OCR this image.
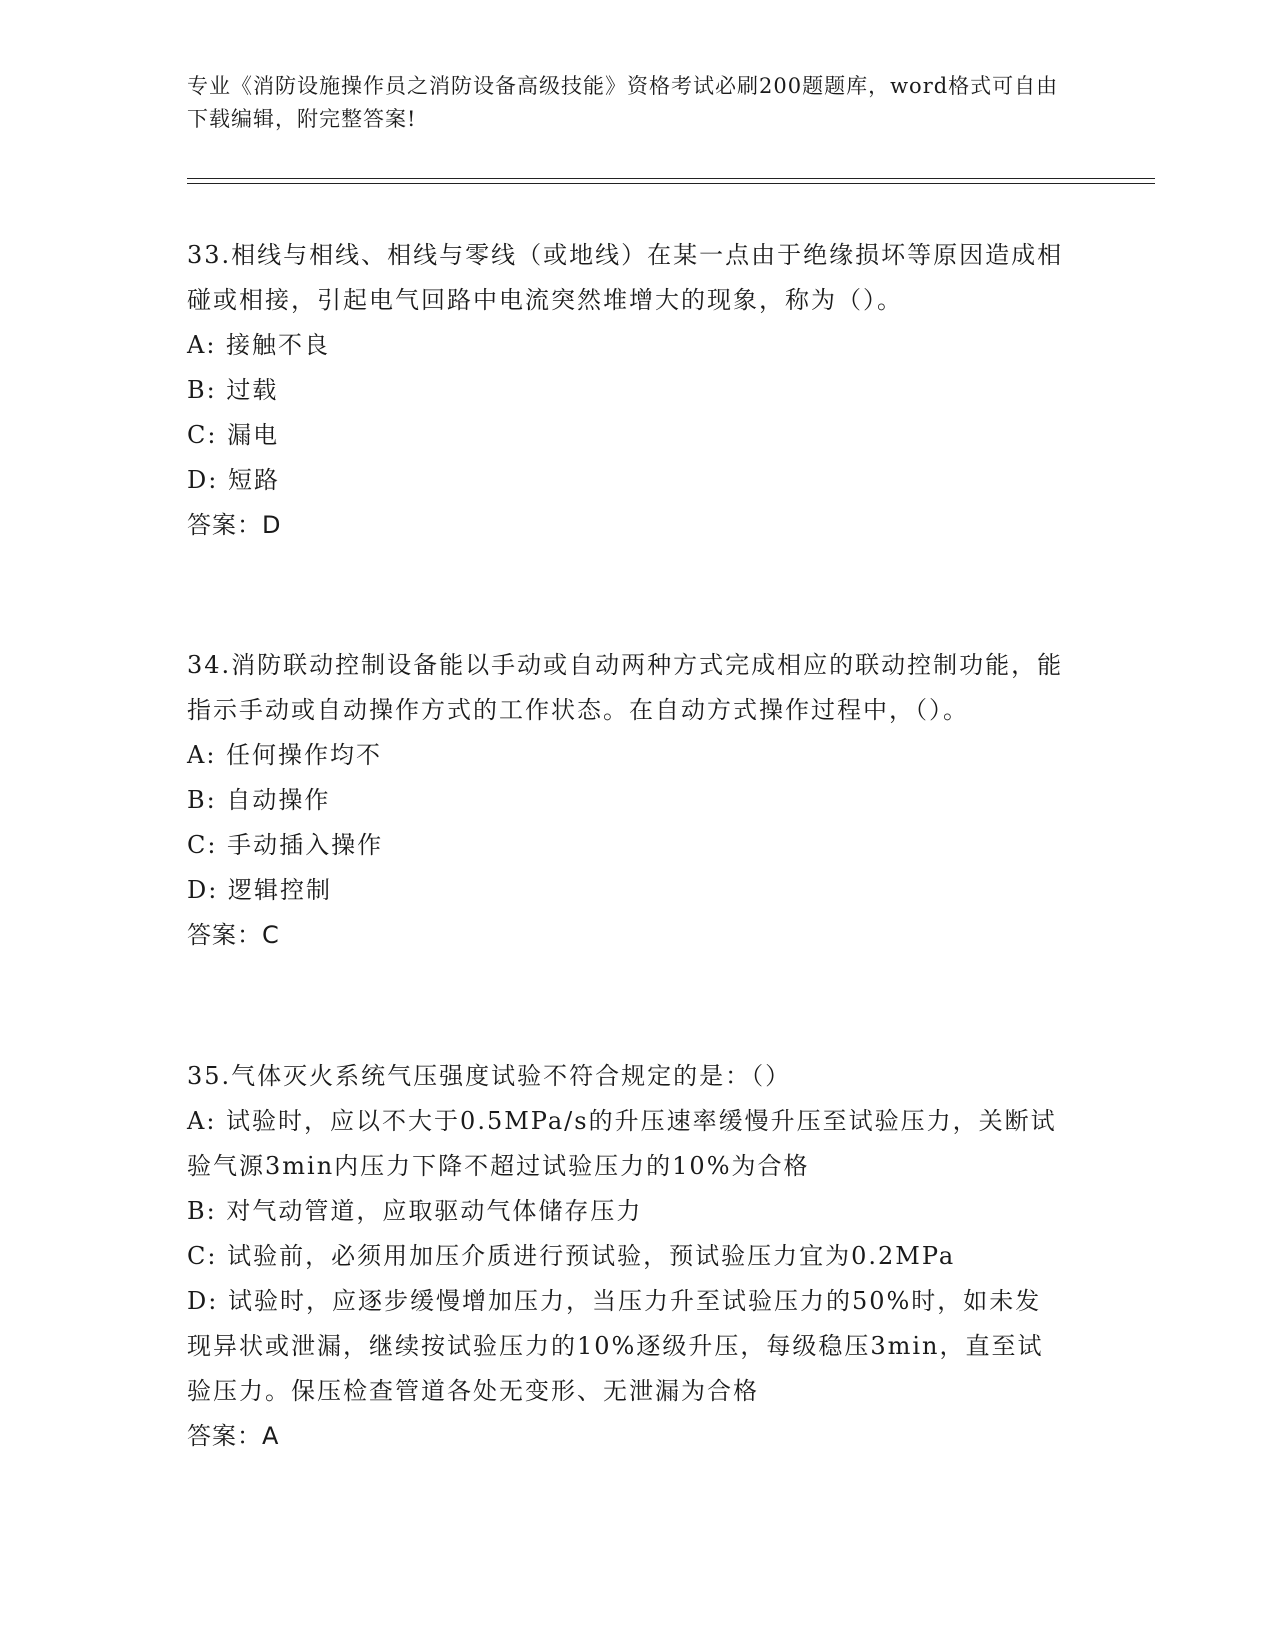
专业《消防设施操作员之消防设备高级技能》资格考试必刷200题题库，word格式可自由下载编辑，附完整答案!
33.相线与相线、相线与零线（或地线）在某一点由于绝缘损坏等原因造成相碰或相接，引起电气回路中电流突然堆增大的现象，称为（）。
A: 接触不良
B: 过载
C: 漏电
D: 短路
答案：D
34.消防联动控制设备能以手动或自动两种方式完成相应的联动控制功能，能指示手动或自动操作方式的工作状态。在自动方式操作过程中，（）。
A: 任何操作均不
B: 自动操作
C: 手动插入操作
D: 逻辑控制
答案：C
35.气体灭火系统气压强度试验不符合规定的是：（）
A: 试验时，应以不大于0.5MPa/s的升压速率缓慢升压至试验压力，关断试验气源3min内压力下降不超过试验压力的10%为合格
B: 对气动管道，应取驱动气体储存压力
C: 试验前，必须用加压介质进行预试验，预试验压力宜为0.2MPa
D: 试验时，应逐步缓慢增加压力，当压力升至试验压力的50%时，如未发现异状或泄漏，继续按试验压力的10%逐级升压，每级稳压3min，直至试验压力。保压检查管道各处无变形、无泄漏为合格
答案：A
